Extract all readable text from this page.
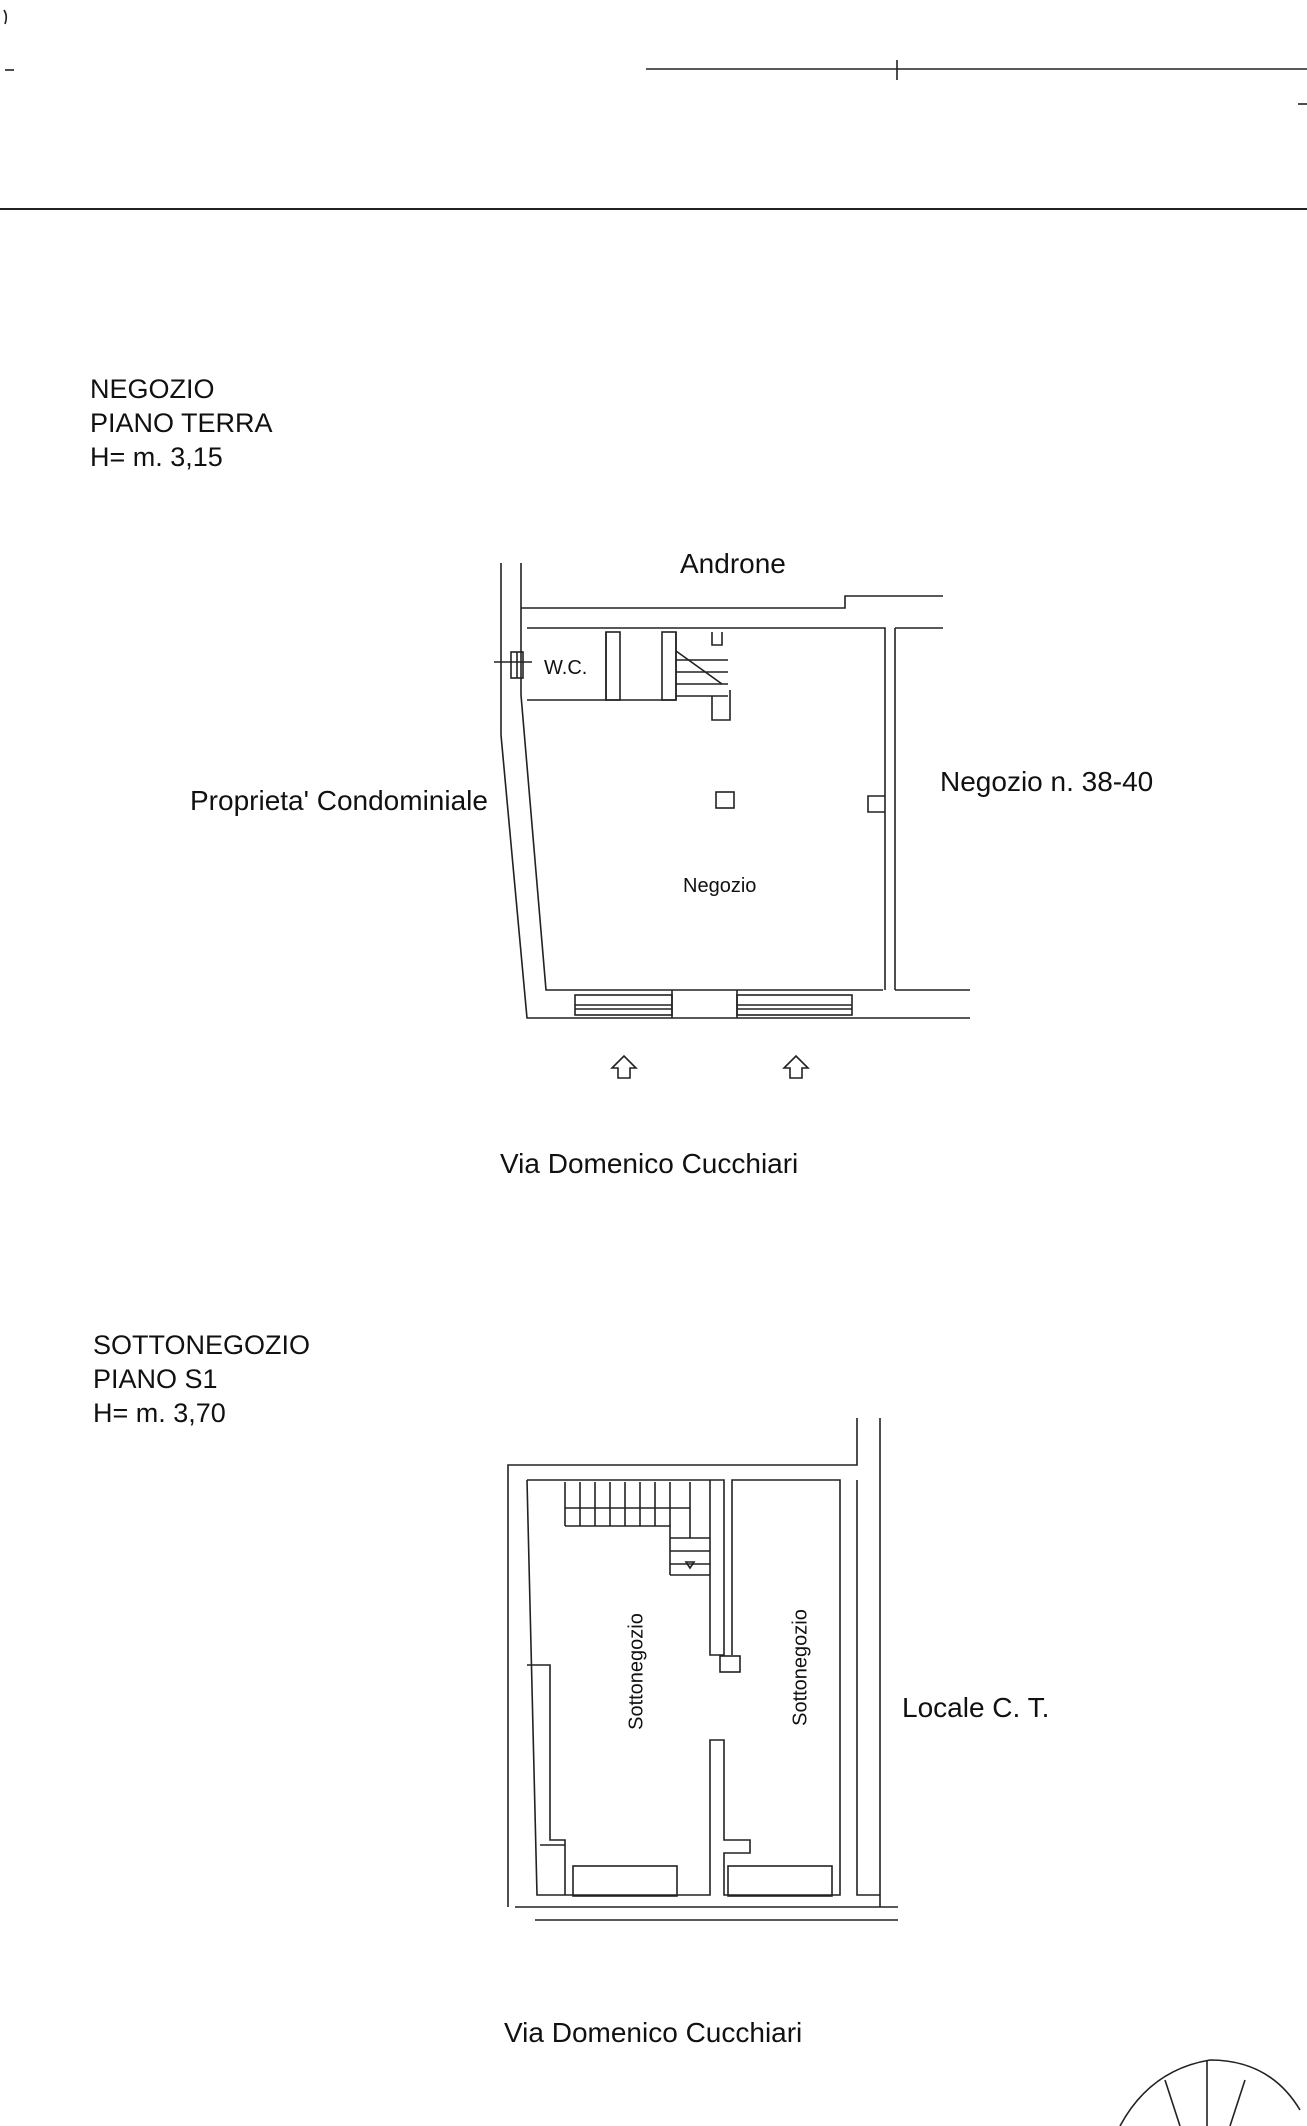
NEGOZIO
PIANO TERRA
H= m. 3,15
Androne
W.C.
Proprieta' Condominiale
Negozio n. 38-40
Negozio
Via Domenico Cucchiari
SOTTONEGOZIO
PIANO S1
H= m. 3,70
Sottonegozio	Sottonegozio	Locale C. T.
Via Domenico Cucchiari
